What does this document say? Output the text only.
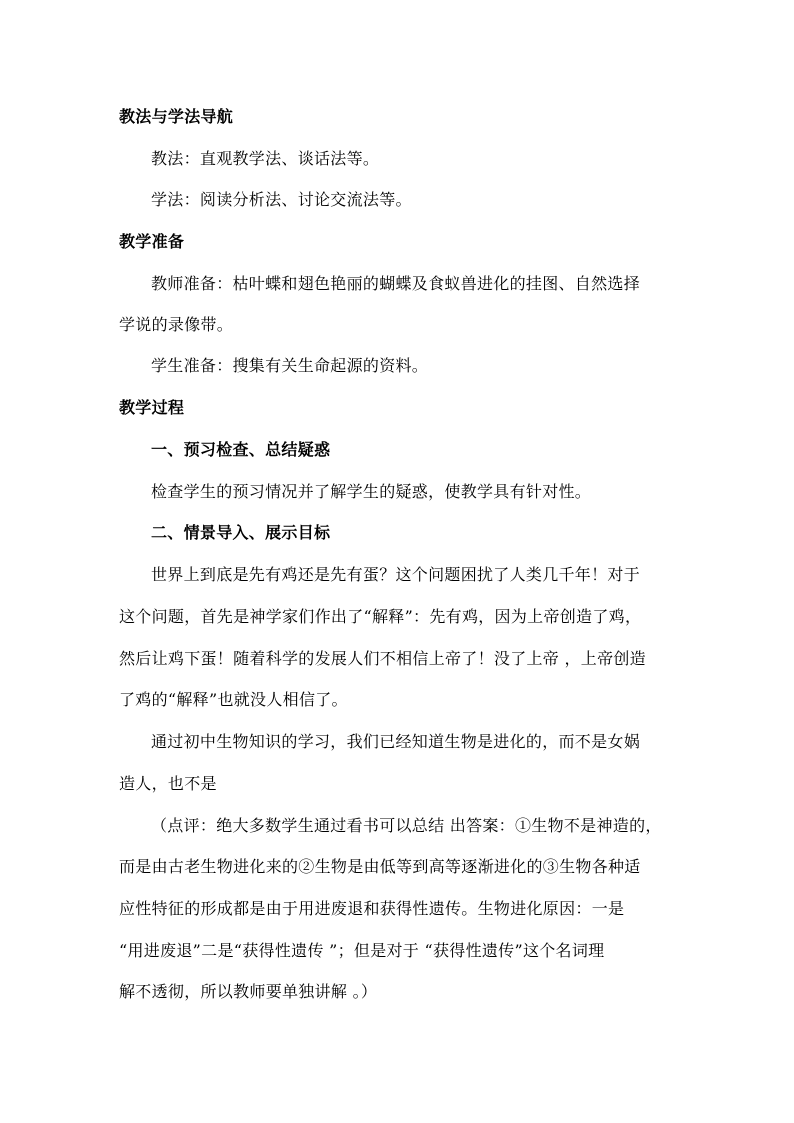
教法与学法导航
教法：直观教学法、谈话法等。
学法：阅读分析法、讨论交流法等。
教学准备
教师准备：枯叶蝶和翅色艳丽的蝴蝶及食蚁兽进化的挂图、自然选择
学说的录像带。
学生准备：搜集有关生命起源的资料。
教学过程
一、预习检查、总结疑惑
检查学生的预习情况并了解学生的疑惑，使教学具有针对性。
二、情景导入、展示目标
世界上到底是先有鸡还是先有蛋？这个问题困扰了人类几千年！对于
这个问题，首先是神学家们作出了“解释”：先有鸡，因为上帝创造了鸡，
然后让鸡下蛋！随着科学的发展人们不相信上帝了！没了上帝 ，上帝创造
了鸡的“解释”也就没人相信了。
通过初中生物知识的学习，我们已经知道生物是进化的，而不是女娲
造人，也不是
（点评：绝大多数学生通过看书可以总结 出答案：①生物不是神造的，
而是由古老生物进化来的②生物是由低等到高等逐渐进化的③生物各种适
应性特征的形成都是由于用进废退和获得性遗传。生物进化原因：一是
“用进废退”二是“获得性遗传 ”；但是对于 “获得性遗传”这个名词理
解不透彻，所以教师要单独讲解 。）
